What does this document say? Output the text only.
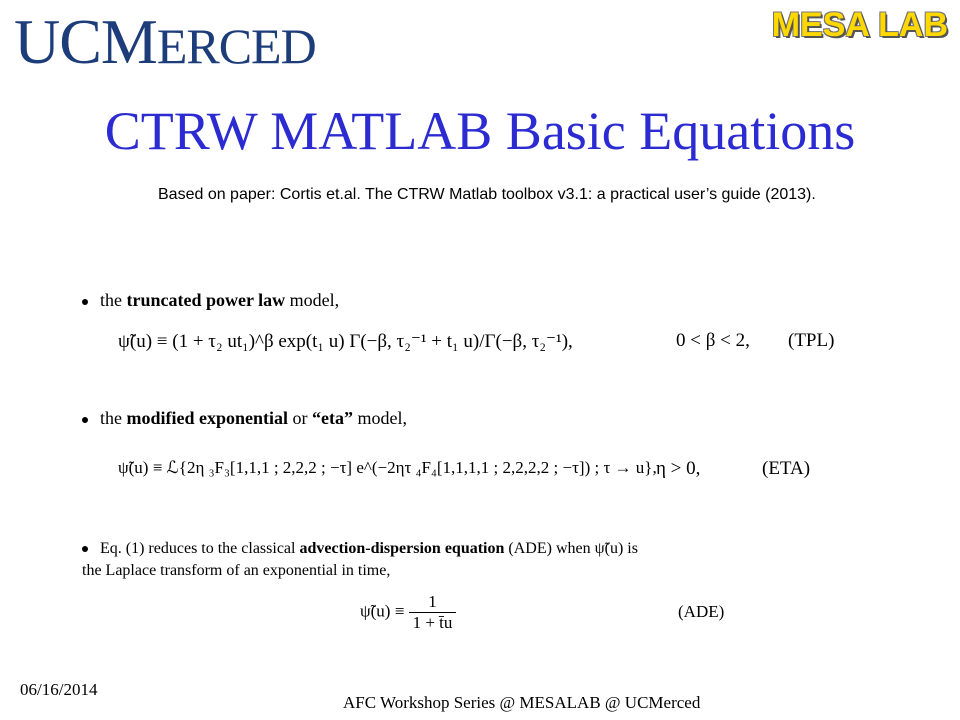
UCMERCED	MESA LAB
CTRW MATLAB Basic Equations
Based on paper: Cortis et.al. The CTRW Matlab toolbox v3.1: a practical user’s guide (2013).
the truncated power law model,
ψ̃(u) ≡ (1 + τ₂ ut₁)^β exp(t₁ u) Γ(−β, τ₂⁻¹ + t₁ u)/Γ(−β, τ₂⁻¹),	0 < β < 2, (TPL)
the modified exponential or “eta” model,
ψ̃(u) ≡ ℒ{2η ₃F₃[1,1,1 ; 2,2,2 ; −τ] e^(−2ητ ₄F₄[1,1,1,1 ; 2,2,2,2 ; −τ]) ; τ → u}, η > 0,	(ETA)
Eq. (1) reduces to the classical advection-dispersion equation (ADE) when ψ̃(u) is
the Laplace transform of an exponential in time,
ψ̃(u) ≡ $\frac{1}{1 + t̄u}$	(ADE)
06/16/2014
AFC Workshop Series @ MESALAB @ UCMerced
